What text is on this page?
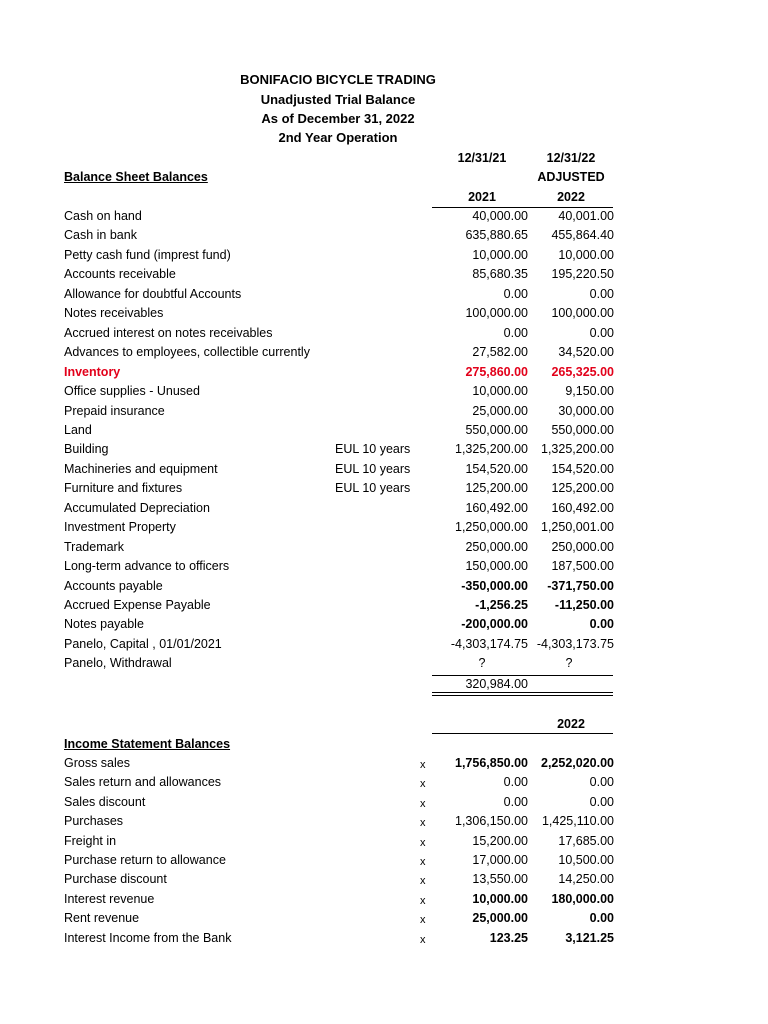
BONIFACIO BICYCLE TRADING
Unadjusted Trial Balance
As of December 31, 2022
2nd Year Operation
12/31/21	12/31/22
ADJUSTED
Balance Sheet Balances
2021	2022
Cash on hand	40,000.00	40,001.00
Cash in bank	635,880.65	455,864.40
Petty cash fund (imprest fund)	10,000.00	10,000.00
Accounts receivable	85,680.35	195,220.50
Allowance for doubtful Accounts	0.00	0.00
Notes receivables	100,000.00	100,000.00
Accrued interest on notes receivables	0.00	0.00
Advances to employees, collectible currently	27,582.00	34,520.00
Inventory	275,860.00	265,325.00
Office supplies - Unused	10,000.00	9,150.00
Prepaid insurance	25,000.00	30,000.00
Land	550,000.00	550,000.00
Building	EUL 10 years	1,325,200.00	1,325,200.00
Machineries and equipment	EUL 10 years	154,520.00	154,520.00
Furniture and fixtures	EUL 10 years	125,200.00	125,200.00
Accumulated Depreciation	160,492.00	160,492.00
Investment Property	1,250,000.00	1,250,001.00
Trademark	250,000.00	250,000.00
Long-term advance to officers	150,000.00	187,500.00
Accounts payable	-350,000.00	-371,750.00
Accrued Expense Payable	-1,256.25	-11,250.00
Notes payable	-200,000.00	0.00
Panelo, Capital , 01/01/2021	-4,303,174.75 -4,303,173.75
Panelo, Withdrawal	?	?
320,984.00
2022
Income Statement Balances
Gross sales	x	1,756,850.00	2,252,020.00
Sales return and allowances	x	0.00	0.00
Sales discount	x	0.00	0.00
Purchases	x	1,306,150.00	1,425,110.00
Freight in	x	15,200.00	17,685.00
Purchase return to allowance	x	17,000.00	10,500.00
Purchase discount	x	13,550.00	14,250.00
Interest revenue	x	10,000.00	180,000.00
Rent revenue	x	25,000.00	0.00
Interest Income from the Bank	x	123.25	3,121.25
